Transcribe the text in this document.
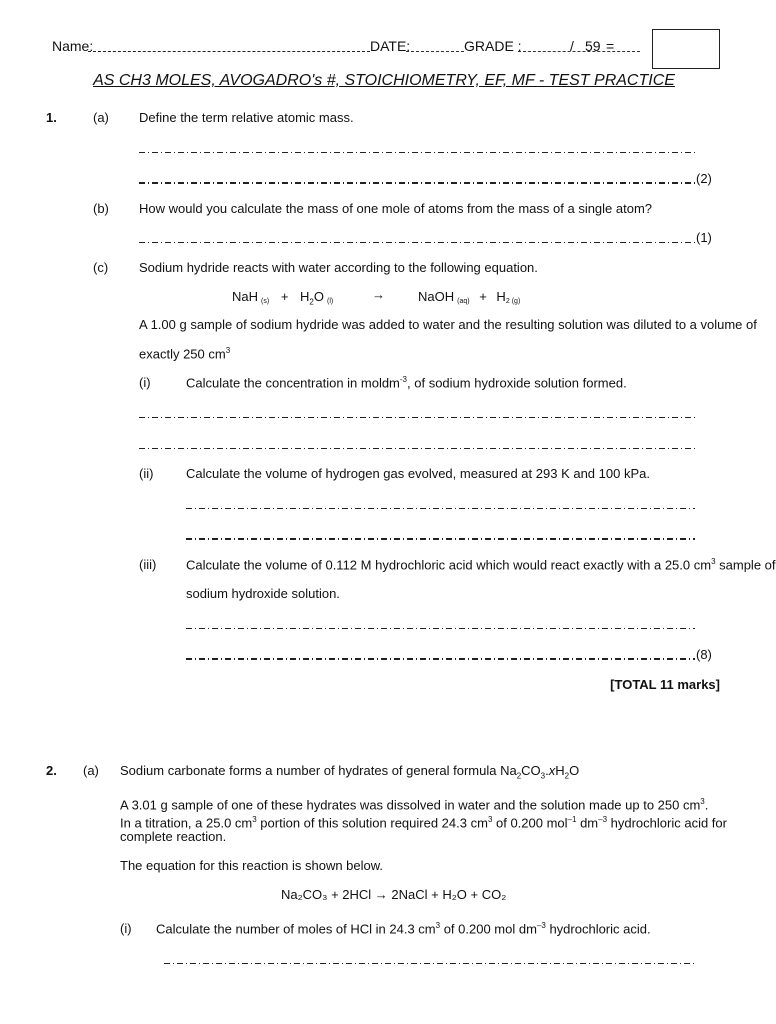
Name:	DATE:	GRADE :	/ 59 =
AS CH3 MOLES, AVOGADRO's #, STOICHIOMETRY, EF, MF - TEST PRACTICE
1.	(a) Define the term relative atomic mass.
(2)
(b) How would you calculate the mass of one mole of atoms from the mass of a single atom?
(1)
(c) Sodium hydride reacts with water according to the following equation.
NaH $(s) + H_2O$ (l)	→	NaOH (aq) + H2 (g)
A 1.00 g sample of sodium hydride was added to water and the resulting solution was diluted to a volume of
exactly 250 $cm^3$
(i)	Calculate the concentration in moldm$^{-3}$, of sodium hydroxide solution formed.
(ii)	Calculate the volume of hydrogen gas evolved, measured at 293 K and 100 kPa.
(iii) Calculate the volume of 0.112 M hydrochloric acid which would react exactly with a 25.0 $cm^3$ sample of
sodium hydroxide solution.
(8)
[TOTAL 11 marks]
2. (a) Sodium carbonate forms a number of hydrates of general formula $Na_2CO_3.xH_2O$
A 3.01 g sample of one of these hydrates was dissolved in water and the solution made up to 250 $cm^3$.
In a titration, a 25.0 $cm^3$ portion of this solution required 24.3 $cm^3$ of 0.200 mol$^{-1}$ $dm^{-3}$ hydrochloric acid for
complete reaction.
The equation for this reaction is shown below.
Na₂CO₃ + 2HCl → 2NaCl + H₂O + CO₂
(i) Calculate the number of moles of HCl in 24.3 $cm^3$ of 0.200 mol $dm^{-3}$ hydrochloric acid.
